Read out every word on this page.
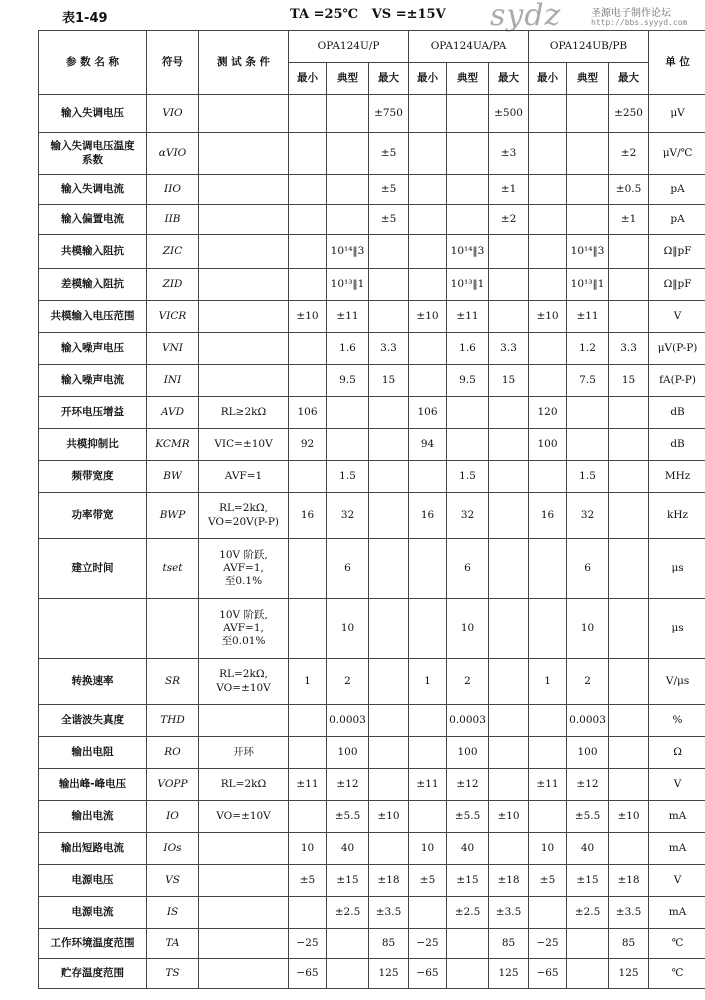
表1-49	TA =25℃   VS =±15V sydz	圣源电子制作论坛
http://bbs.syyyd.com
参 数 名 称	符号	测 试 条 件	OPA124U/P			OPA124UA/PA			OPA124UB/PB			单 位
			最小	典型	最大	最小	典型	最大	最小	典型	最大	

输入失调电压	VIO				±750			±500			±250	μV

输入失调电压温度
系数	αVIO				±5			±3			±2	μV/℃

输入失调电流	IIO				±5			±1			±0.5	pA

输入偏置电流	IIB				±5			±2			±1	pA

共模输入阻抗	ZIC			10¹⁴‖3			10¹⁴‖3			10¹⁴‖3		Ω‖pF

差模输入阻抗	ZID			10¹³‖1			10¹³‖1			10¹³‖1		Ω‖pF

共模输入电压范围	VICR		±10	±11		±10	±11		±10	±11		V

输入噪声电压	VNI			1.6	3.3		1.6	3.3		1.2	3.3	μV(P-P)

输入噪声电流	INI			9.5	15		9.5	15		7.5	15	fA(P-P)

开环电压增益	AVD	RL≥2kΩ	106			106			120			dB

共模抑制比	KCMR	VIC=±10V	92			94			100			dB

频带宽度	BW	AVF=1		1.5			1.5			1.5		MHz

功率带宽	BWP	RL=2kΩ,
VO=20V(P-P)	16	32		16	32		16	32		kHz

建立时间	tset	10V 阶跃,
AVF=1,
至0.1%		6			6			6		μs

		10V 阶跃,
AVF=1,
至0.01%		10			10			10		μs

转换速率	SR	RL=2kΩ,
VO=±10V	1	2		1	2		1	2		V/μs

全谐波失真度	THD			0.0003			0.0003			0.0003		%

输出电阻	RO	开环		100			100			100		Ω

输出峰-峰电压	VOPP	RL=2kΩ	±11	±12		±11	±12		±11	±12		V

输出电流	IO	VO=±10V		±5.5	±10		±5.5	±10		±5.5	±10	mA

输出短路电流	IOs		10	40		10	40		10	40		mA

电源电压	VS		±5	±15	±18	±5	±15	±18	±5	±15	±18	V

电源电流	IS			±2.5	±3.5		±2.5	±3.5		±2.5	±3.5	mA

工作环境温度范围	TA		−25		85	−25		85	−25		85	℃

贮存温度范围	TS		−65		125	−65		125	−65		125	℃
